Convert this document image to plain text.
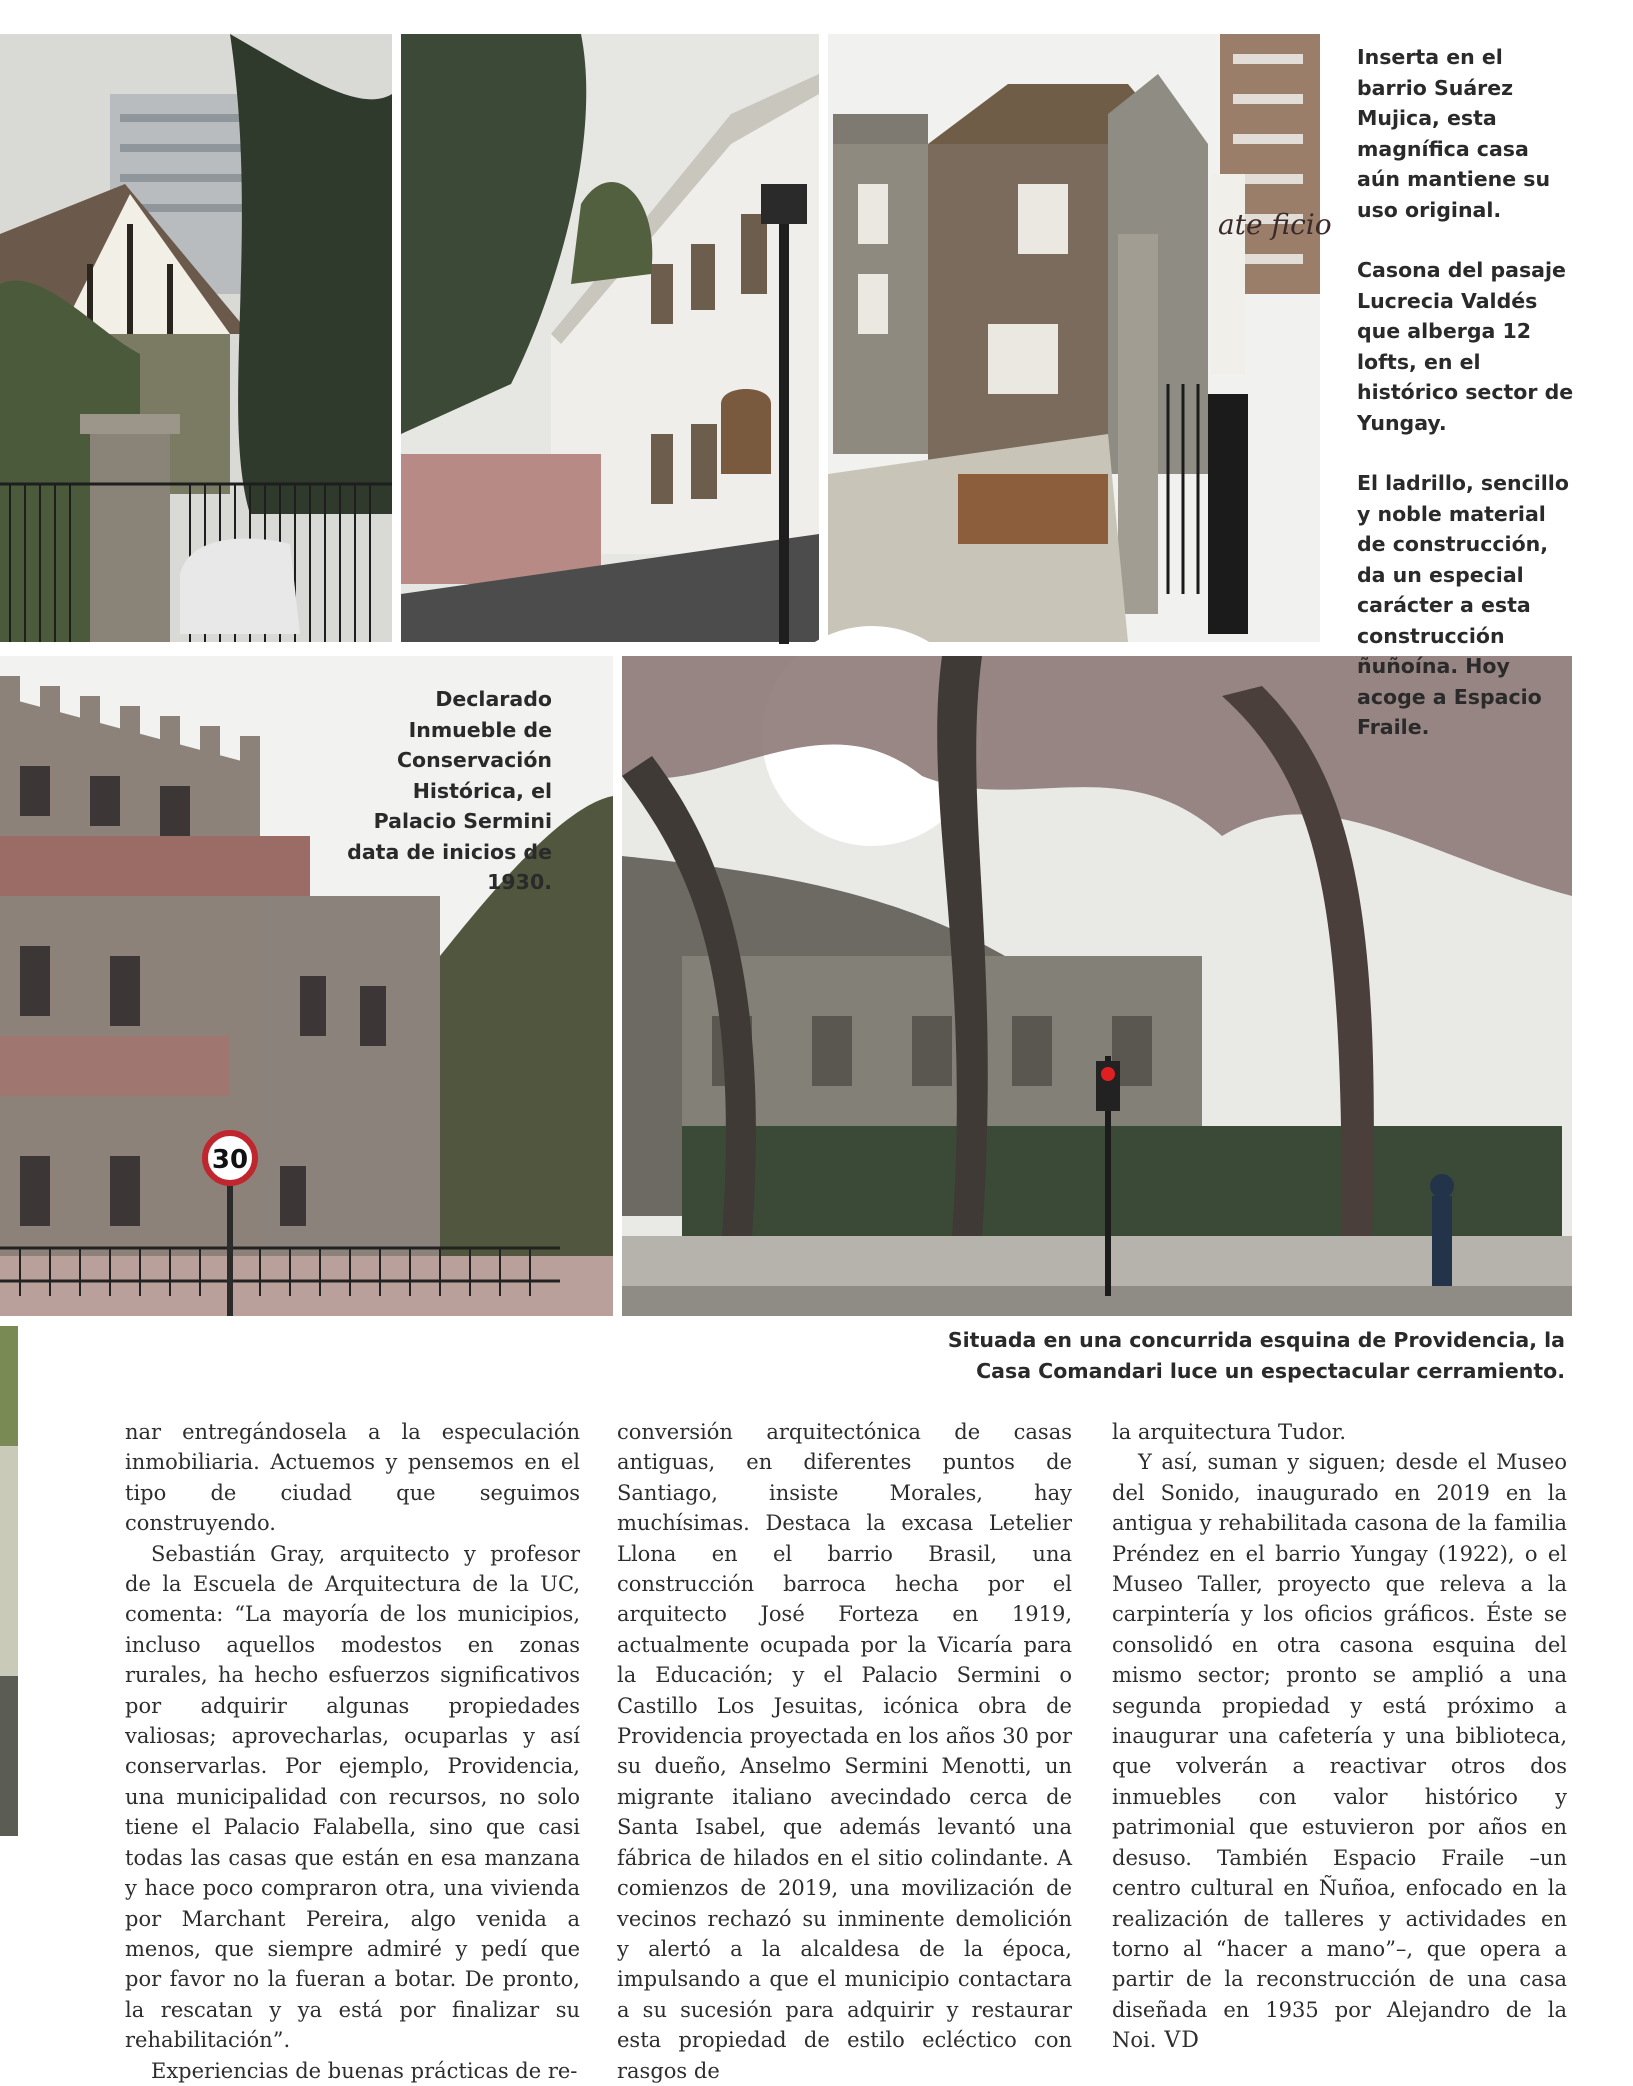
ate ficio
30

Inserta en el barrio Suárez Mujica, esta magnífica casa aún mantiene su uso original.

Casona del pasaje Lucrecia Valdés que alberga 12 lofts, en el histórico sector de Yungay.

El ladrillo, sencillo y noble material de construcción, da un especial carácter a esta construcción ñuñoína. Hoy acoge a Espacio Fraile.

Declarado Inmueble de Conservación Histórica, el Palacio Sermini data de inicios de 1930.
Situada en una concurrida esquina de Providencia, la Casa Comandari luce un espectacular cerramiento.

nar entregándosela a la especulación inmobiliaria. Actuemos y pensemos en el tipo de ciudad que seguimos construyendo.

Sebastián Gray, arquitecto y profesor de la Escuela de Arquitectura de la UC, comenta: “La mayoría de los municipios, incluso aquellos modestos en zonas rurales, ha hecho esfuerzos significativos por adquirir algunas propiedades valiosas; aprovecharlas, ocuparlas y así conservarlas. Por ejemplo, Providencia, una municipalidad con recursos, no solo tiene el Palacio Falabella, sino que casi todas las casas que están en esa manzana y hace poco compraron otra, una vivienda por Marchant Pereira, algo venida a menos, que siempre admiré y pedí que por favor no la fueran a botar. De pronto, la rescatan y ya está por finalizar su rehabilitación”.

Experiencias de buenas prácticas de re-

conversión arquitectónica de casas antiguas, en diferentes puntos de Santiago, insiste Morales, hay muchísimas. Destaca la excasa Letelier Llona en el barrio Brasil, una construcción barroca hecha por el arquitecto José Forteza en 1919, actualmente ocupada por la Vicaría para la Educación; y el Palacio Sermini o Castillo Los Jesuitas, icónica obra de Providencia proyectada en los años 30 por su dueño, Anselmo Sermini Menotti, un migrante italiano avecindado cerca de Santa Isabel, que además levantó una fábrica de hilados en el sitio colindante. A comienzos de 2019, una movilización de vecinos rechazó su inminente demolición y alertó a la alcaldesa de la época, impulsando a que el municipio contactara a su sucesión para adquirir y restaurar esta propiedad de estilo ecléctico con rasgos de

la arquitectura Tudor.

Y así, suman y siguen; desde el Museo del Sonido, inaugurado en 2019 en la antigua y rehabilitada casona de la familia Préndez en el barrio Yungay (1922), o el Museo Taller, proyecto que releva a la carpintería y los oficios gráficos. Éste se consolidó en otra casona esquina del mismo sector; pronto se amplió a una segunda propiedad y está próximo a inaugurar una cafetería y una biblioteca, que volverán a reactivar otros dos inmuebles con valor histórico y patrimonial que estuvieron por años en desuso. También Espacio Fraile –un centro cultural en Ñuñoa, enfocado en la realización de talleres y actividades en torno al “hacer a mano”–, que opera a partir de la reconstrucción de una casa diseñada en 1935 por Alejandro de la Noi. VD
